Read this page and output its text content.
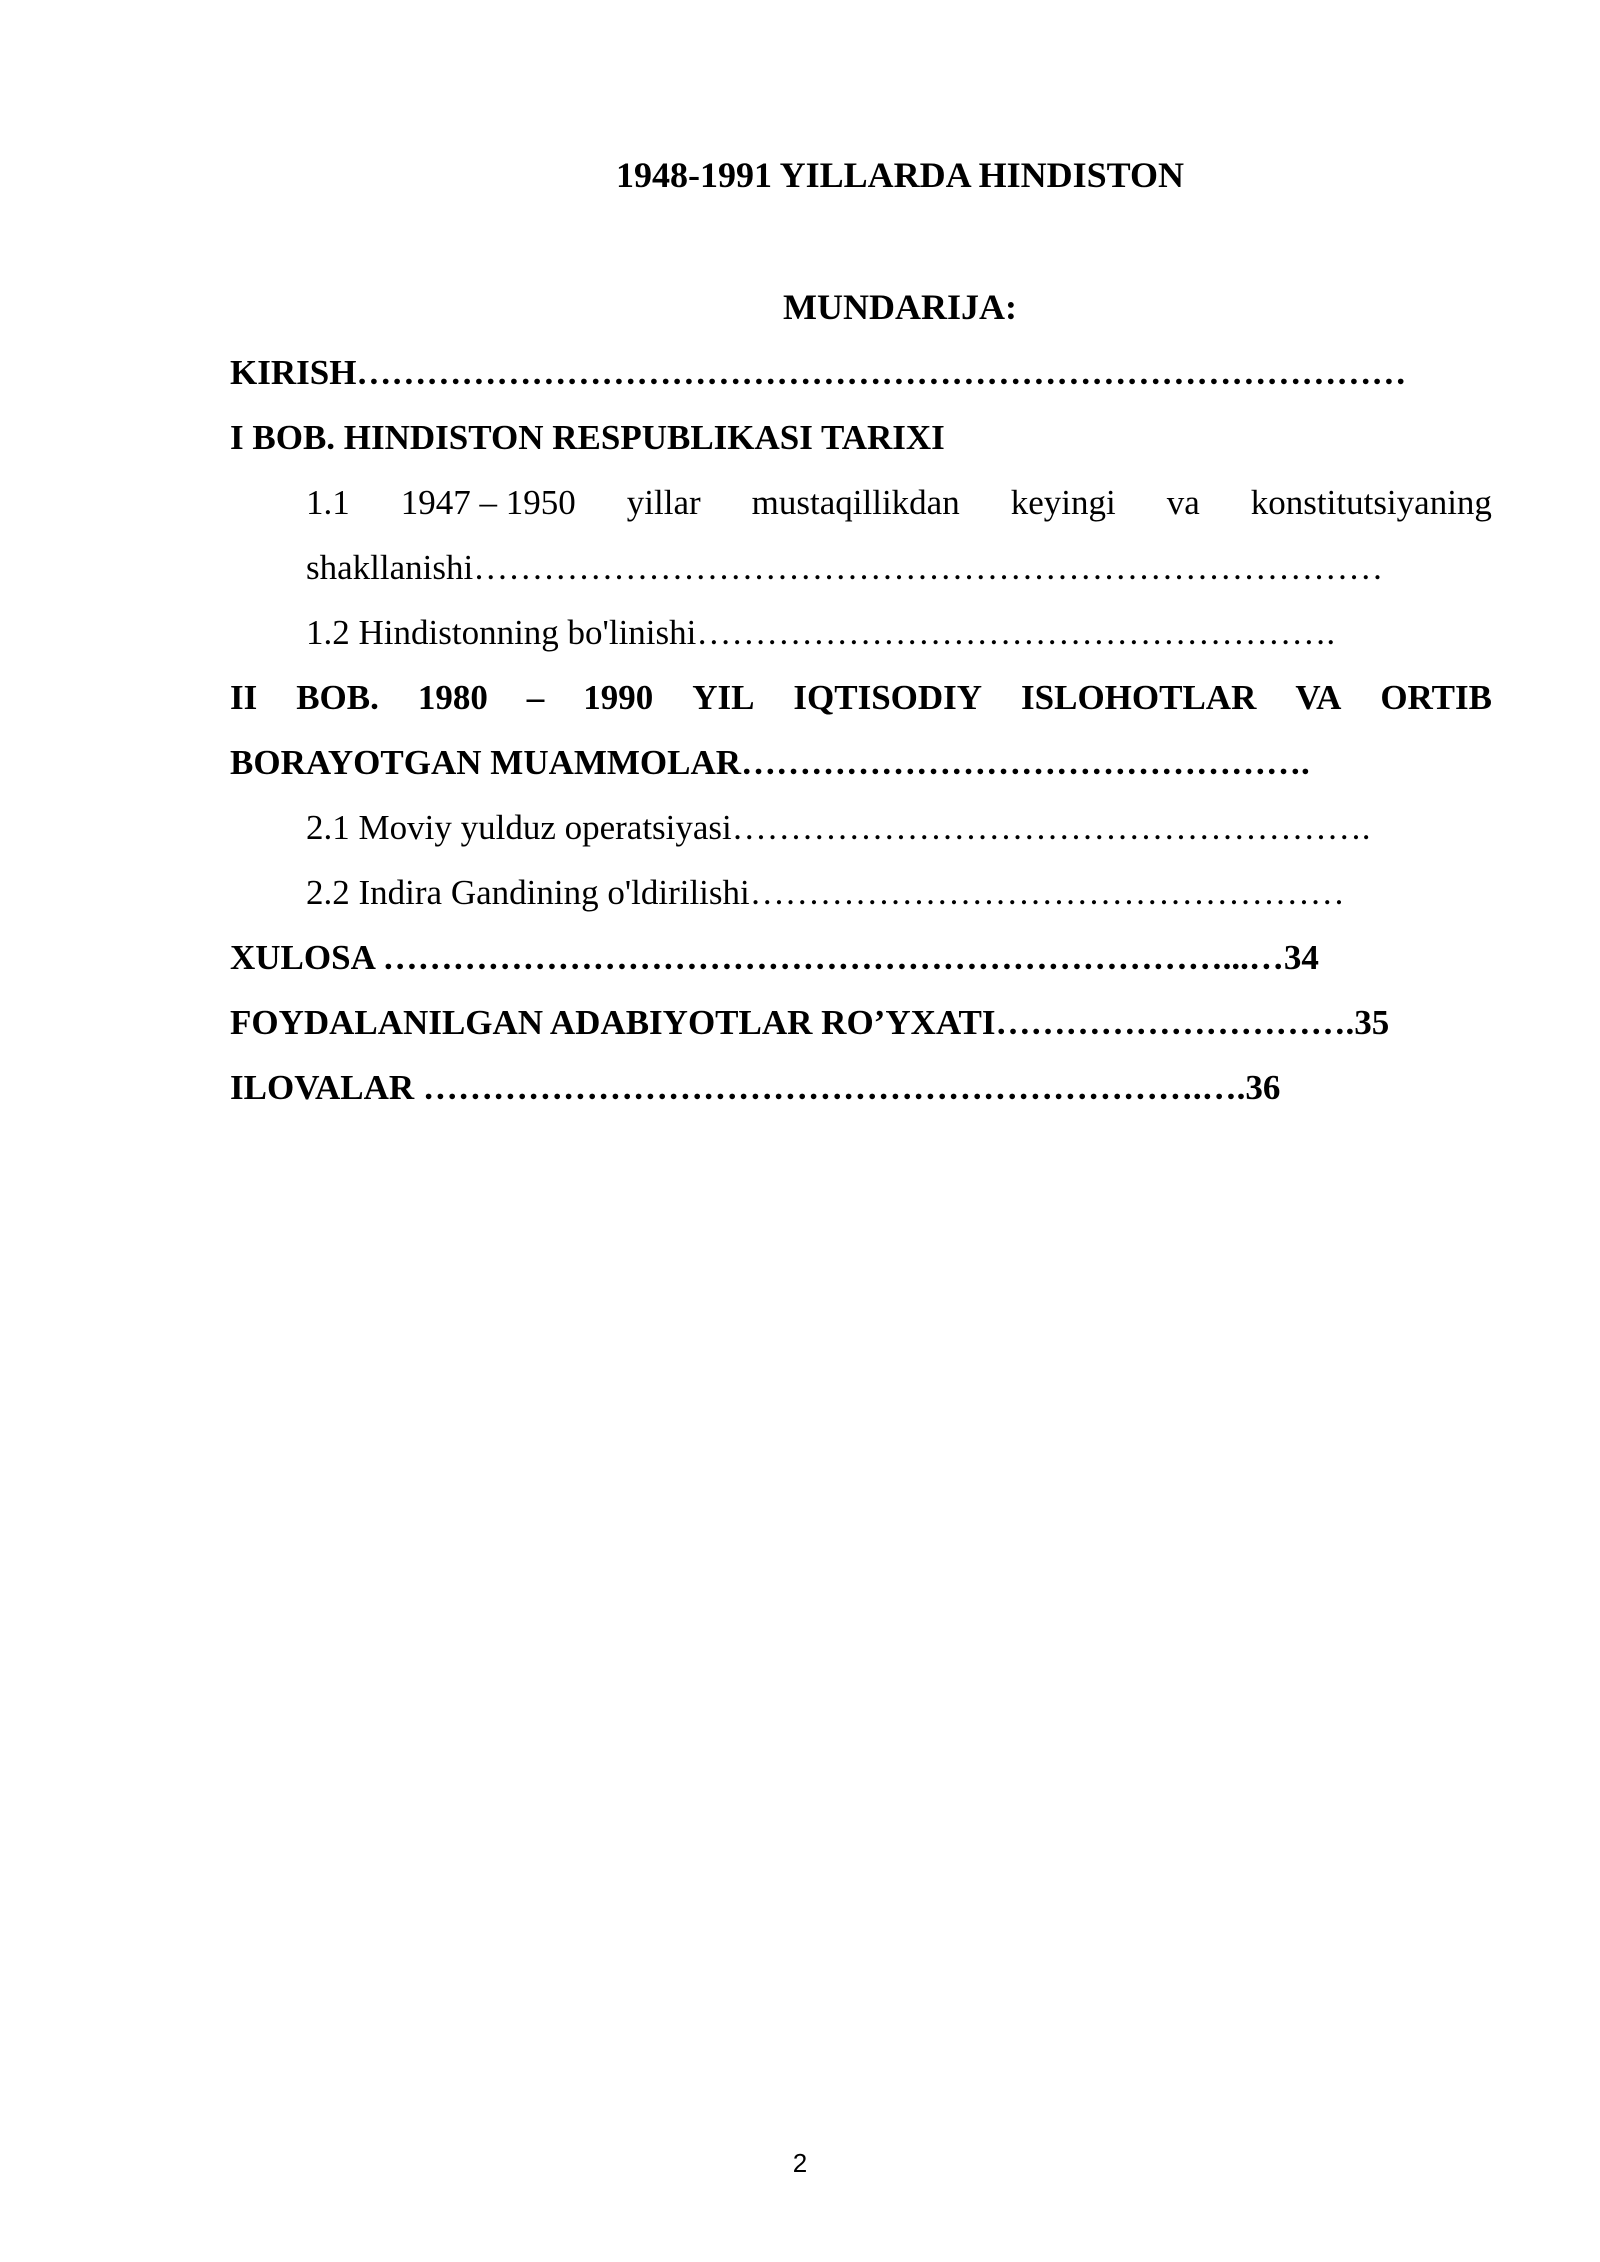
1948-1991 YILLARDA HINDISTON
MUNDARIJA:
KIRISH………………………………………………………………………………
I BOB. HINDISTON RESPUBLIKASI TARIXI
1.1 1947 – 1950 yillar mustaqillikdan keyingi va konstitutsiyaning
shakllanishi……………………………………………………………………
1.2 Hindistonning bo'linishi……………………………………………….
II BOB. 1980 – 1990 YIL IQTISODIY ISLOHOTLAR VA ORTIB
BORAYOTGAN MUAMMOLAR………………………………………….
2.1 Moviy yulduz operatsiyasi……………………………………………….
2.2 Indira Gandining o'ldirilishi……………………………………………
XULOSA ………………………………………………………………...…34
FOYDALANILGAN ADABIYOTLAR RO’YXATI………………………….35
ILOVALAR ………………………………………………………….….36
2
